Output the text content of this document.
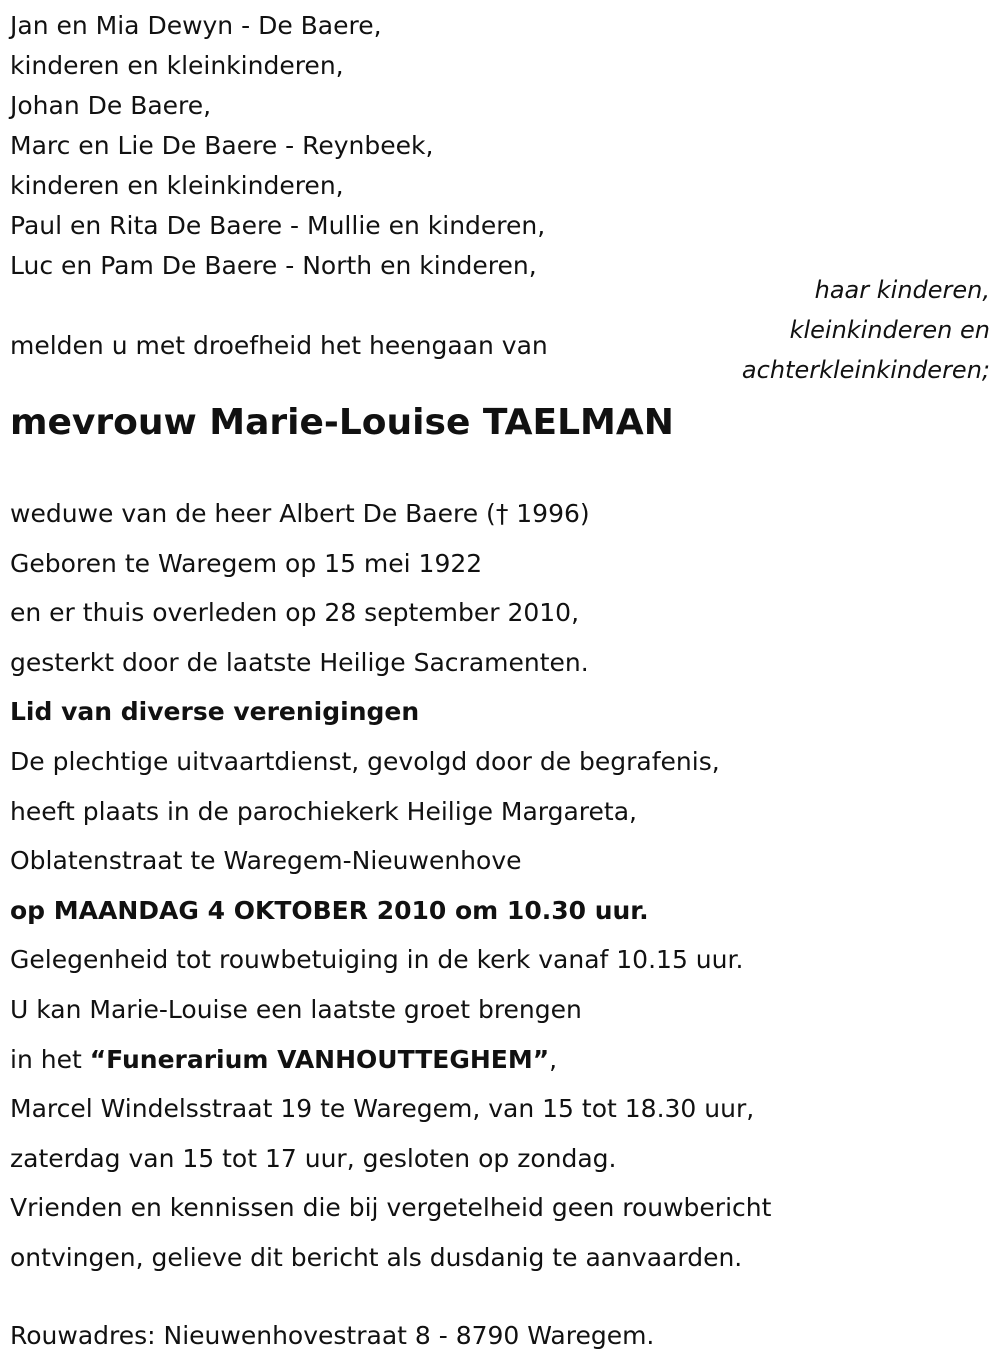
Jan en Mia Dewyn - De Baere,
kinderen en kleinkinderen,
Johan De Baere,
Marc en Lie De Baere - Reynbeek,
kinderen en kleinkinderen,
Paul en Rita De Baere - Mullie en kinderen,
Luc en Pam De Baere - North en kinderen,
haar kinderen,
kleinkinderen en
achterkleinkinderen;
melden u met droefheid het heengaan van
mevrouw Marie-Louise TAELMAN
weduwe van de heer Albert De Baere († 1996)
Geboren te Waregem op 15 mei 1922
en er thuis overleden op 28 september 2010,
gesterkt door de laatste Heilige Sacramenten.
Lid van diverse verenigingen
De plechtige uitvaartdienst, gevolgd door de begrafenis,
heeft plaats in de parochiekerk Heilige Margareta,
Oblatenstraat te Waregem-Nieuwenhove
op MAANDAG 4 OKTOBER 2010 om 10.30 uur.
Gelegenheid tot rouwbetuiging in de kerk vanaf 10.15 uur.
U kan Marie-Louise een laatste groet brengen
in het “Funerarium VANHOUTTEGHEM”,
Marcel Windelsstraat 19 te Waregem, van 15 tot 18.30 uur,
zaterdag van 15 tot 17 uur, gesloten op zondag.
Vrienden en kennissen die bij vergetelheid geen rouwbericht
ontvingen, gelieve dit bericht als dusdanig te aanvaarden.
Rouwadres: Nieuwenhovestraat 8 - 8790 Waregem.
